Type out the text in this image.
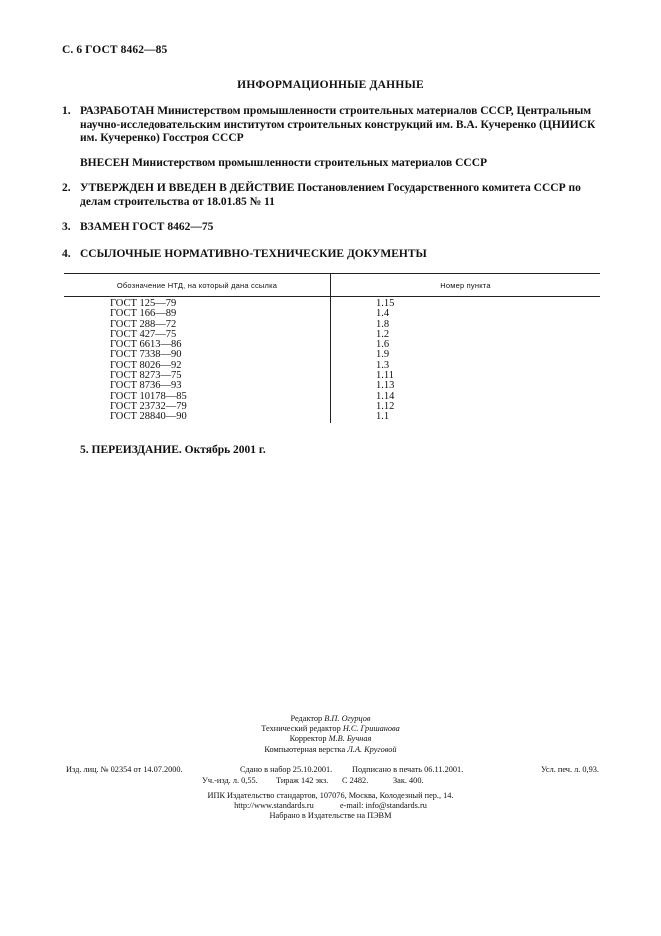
С. 6 ГОСТ 8462—85
ИНФОРМАЦИОННЫЕ ДАННЫЕ
1. РАЗРАБОТАН Министерством промышленности строительных материалов СССР, Центральным
научно-исследовательским институтом строительных конструкций им. В.А. Кучеренко (ЦНИИСК
им. Кучеренко) Госстроя СССР
ВНЕСЕН Министерством промышленности строительных материалов СССР
2. УТВЕРЖДЕН И ВВЕДЕН В ДЕЙСТВИЕ Постановлением Государственного комитета СССР по
делам строительства от 18.01.85 № 11
3. ВЗАМЕН ГОСТ 8462—75
4. ССЫЛОЧНЫЕ НОРМАТИВНО-ТЕХНИЧЕСКИЕ ДОКУМЕНТЫ
Обозначение НТД, на который дана ссылка	Номер пункта
ГОСТ 125—79	1.15
ГОСТ 166—89	1.4
ГОСТ 288—72	1.8
ГОСТ 427—75	1.2
ГОСТ 6613—86	1.6
ГОСТ 7338—90	1.9
ГОСТ 8026—92	1.3
ГОСТ 8273—75	1.11
ГОСТ 8736—93	1.13
ГОСТ 10178—85	1.14
ГОСТ 23732—79	1.12
ГОСТ 28840—90	1.1
5. ПЕРЕИЗДАНИЕ. Октябрь 2001 г.
Редактор В.П. Огурцов
Технический редактор Н.С. Гришанова
Корректор М.В. Бучная
Компьютерная верстка Л.А. Круговой
Изд. лиц. № 02354 от 14.07.2000.	Сдано в набор 25.10.2001. Подписано в печать 06.11.2001.	Усл. печ. л. 0,93.
Уч.-изд. л. 0,55. Тираж 142 экз. С 2482.	Зак. 400.
ИПК Издательство стандартов, 107076, Москва, Колодезный пер., 14.
http://www.standards.ru	e-mail: info@standards.ru
Набрано в Издательстве на ПЭВМ
